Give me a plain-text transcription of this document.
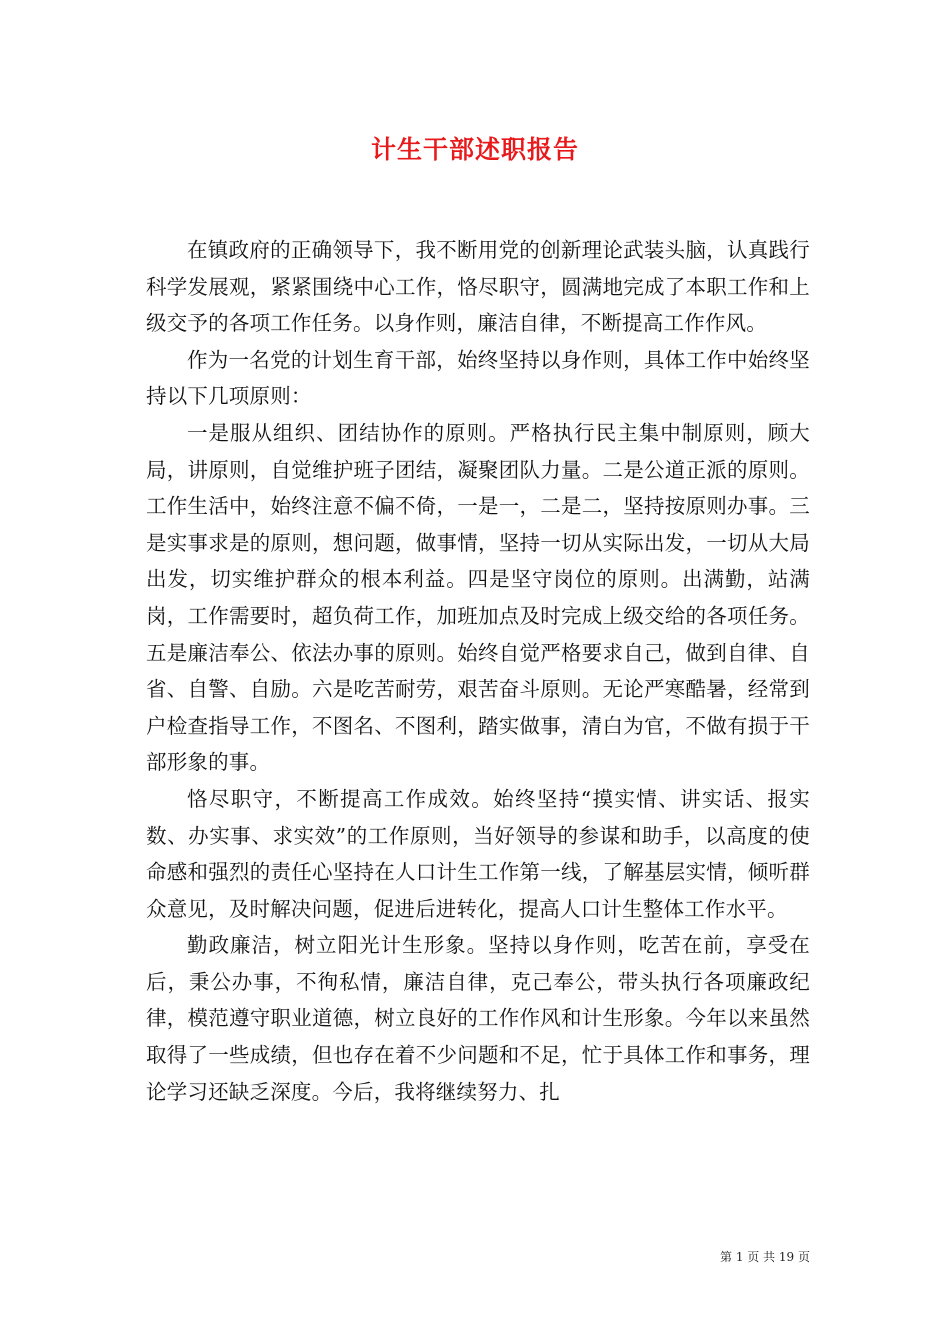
计生干部述职报告

在镇政府的正确领导下，我不断用党的创新理论武装头脑，认真践行科学发展观，紧紧围绕中心工作，恪尽职守，圆满地完成了本职工作和上级交予的各项工作任务。以身作则，廉洁自律，不断提高工作作风。

作为一名党的计划生育干部，始终坚持以身作则，具体工作中始终坚持以下几项原则：

一是服从组织、团结协作的原则。严格执行民主集中制原则，顾大局，讲原则，自觉维护班子团结，凝聚团队力量。二是公道正派的原则。工作生活中，始终注意不偏不倚，一是一，二是二，坚持按原则办事。三是实事求是的原则，想问题，做事情，坚持一切从实际出发，一切从大局出发，切实维护群众的根本利益。四是坚守岗位的原则。出满勤，站满岗，工作需要时，超负荷工作，加班加点及时完成上级交给的各项任务。五是廉洁奉公、依法办事的原则。始终自觉严格要求自己，做到自律、自省、自警、自励。六是吃苦耐劳，艰苦奋斗原则。无论严寒酷暑，经常到户检查指导工作，不图名、不图利，踏实做事，清白为官，不做有损于干部形象的事。

恪尽职守，不断提高工作成效。始终坚持“摸实情、讲实话、报实数、办实事、求实效”的工作原则，当好领导的参谋和助手，以高度的使命感和强烈的责任心坚持在人口计生工作第一线，了解基层实情，倾听群众意见，及时解决问题，促进后进转化，提高人口计生整体工作水平。

勤政廉洁，树立阳光计生形象。坚持以身作则，吃苦在前，享受在后，秉公办事，不徇私情，廉洁自律，克己奉公，带头执行各项廉政纪律，模范遵守职业道德，树立良好的工作作风和计生形象。今年以来虽然取得了一些成绩，但也存在着不少问题和不足，忙于具体工作和事务，理论学习还缺乏深度。今后，我将继续努力、扎

第 1 页 共 19 页
